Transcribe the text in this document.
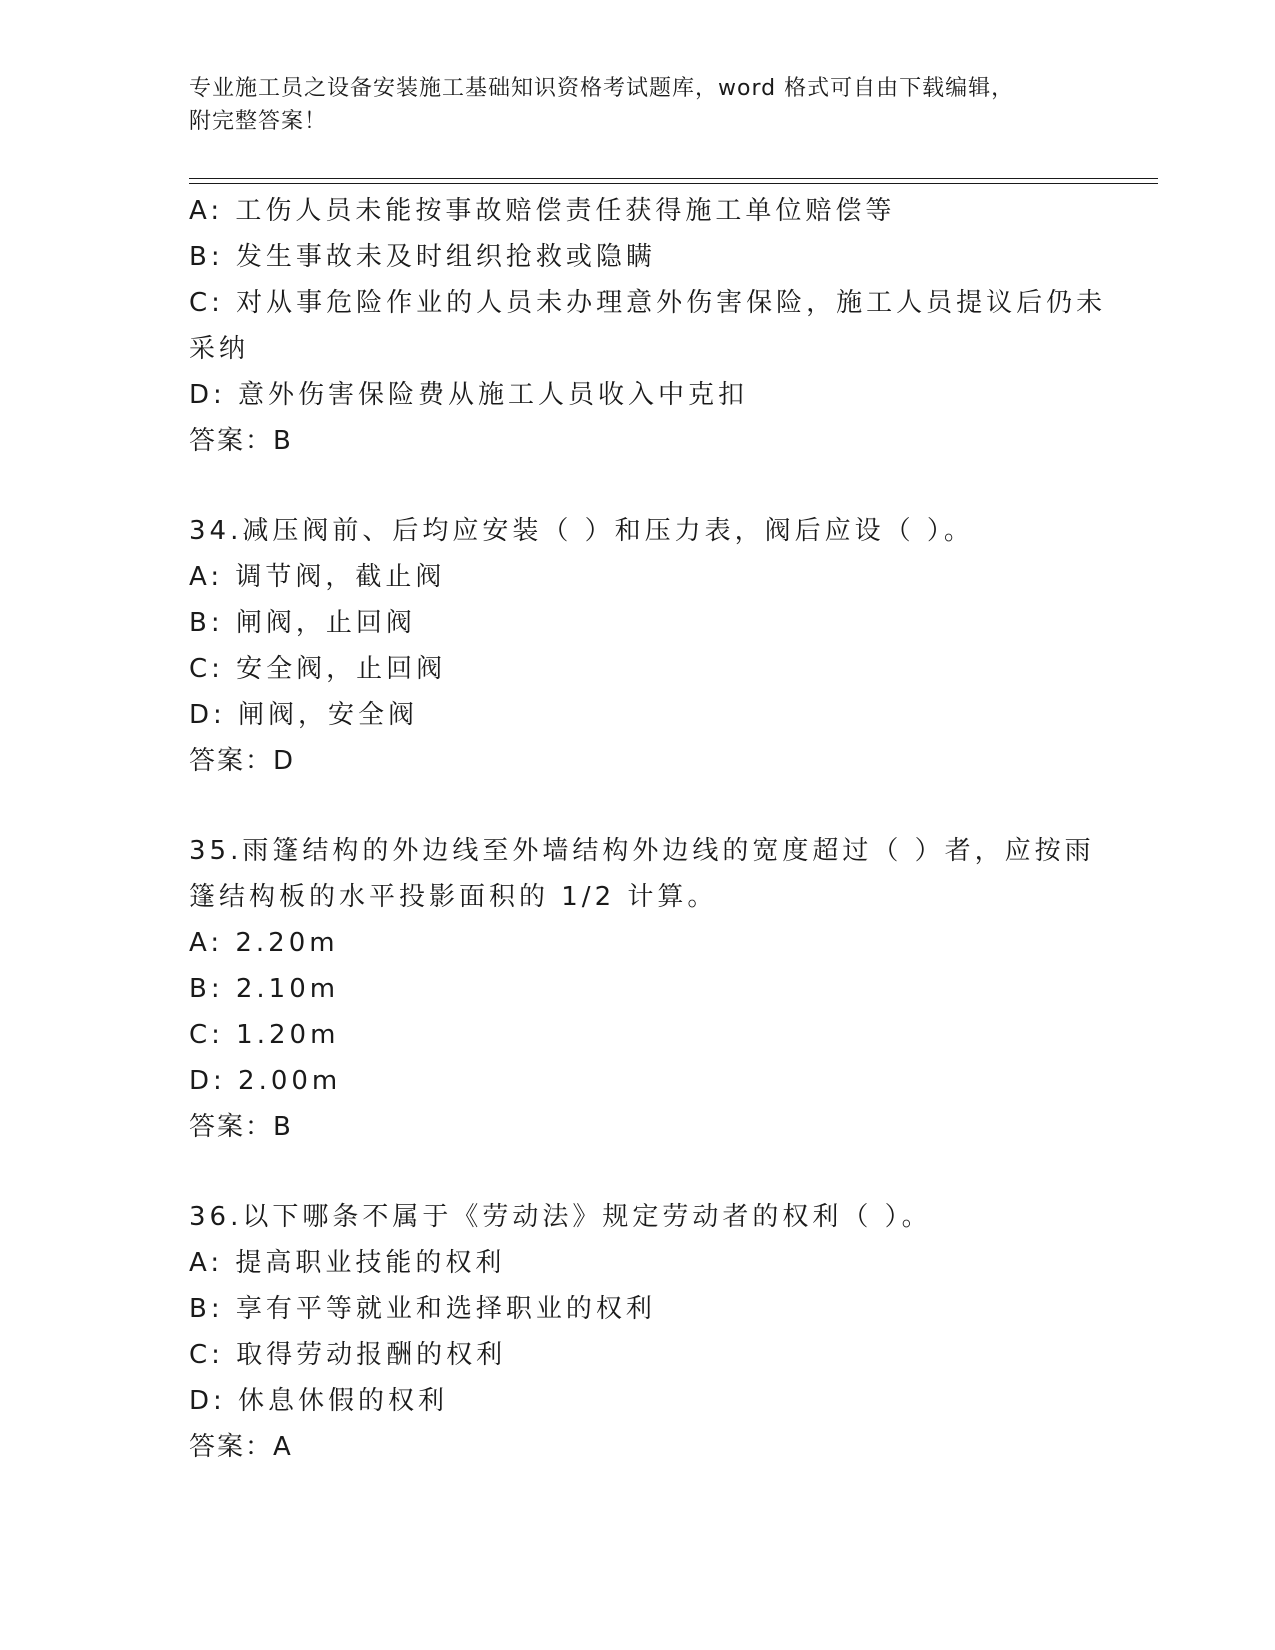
专业施工员之设备安装施工基础知识资格考试题库，word 格式可自由下载编辑，
附完整答案！
A: 工伤人员未能按事故赔偿责任获得施工单位赔偿等
B: 发生事故未及时组织抢救或隐瞒
C: 对从事危险作业的人员未办理意外伤害保险，施工人员提议后仍未
采纳
D: 意外伤害保险费从施工人员收入中克扣
答案：B
34.减压阀前、后均应安装（ ）和压力表，阀后应设（ ）。
A: 调节阀，截止阀
B: 闸阀，止回阀
C: 安全阀，止回阀
D: 闸阀，安全阀
答案：D
35.雨篷结构的外边线至外墙结构外边线的宽度超过（ ）者，应按雨
篷结构板的水平投影面积的 1/2 计算。
A: 2.20m
B: 2.10m
C: 1.20m
D: 2.00m
答案：B
36.以下哪条不属于《劳动法》规定劳动者的权利（ ）。
A: 提高职业技能的权利
B: 享有平等就业和选择职业的权利
C: 取得劳动报酬的权利
D: 休息休假的权利
答案：A
